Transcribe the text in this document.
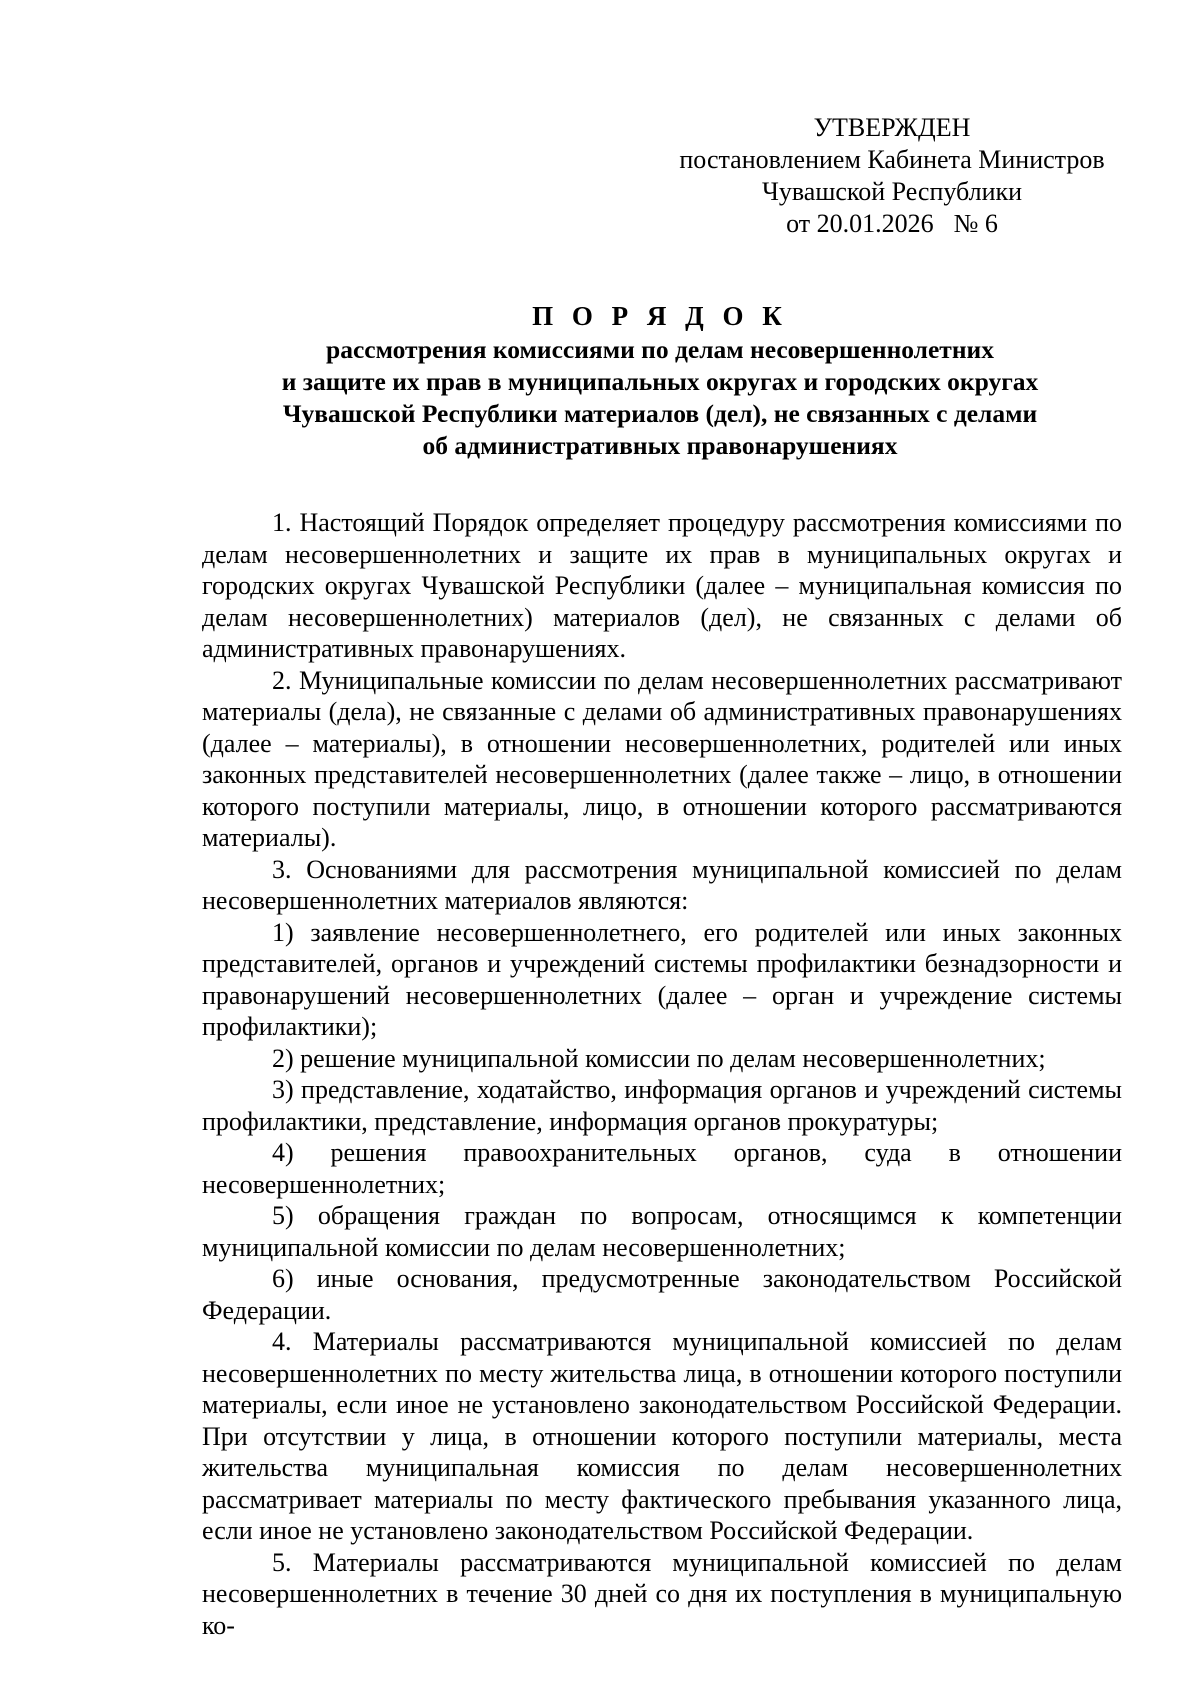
УТВЕРЖДЕН
постановлением Кабинета Министров
Чувашской Республики
от 20.01.2026 № 6
П О Р Я Д О К
рассмотрения комиссиями по делам несовершеннолетних
и защите их прав в муниципальных округах и городских округах
Чувашской Республики материалов (дел), не связанных с делами
об административных правонарушениях

1. Настоящий Порядок определяет процедуру рассмотрения комиссиями по делам несовершеннолетних и защите их прав в муниципальных округах и городских округах Чувашской Республики (далее – муниципальная комиссия по делам несовершеннолетних) материалов (дел), не связанных с делами об административных правонарушениях.

2. Муниципальные комиссии по делам несовершеннолетних рассматривают материалы (дела), не связанные с делами об административных правонарушениях (далее – материалы), в отношении несовершеннолетних, родителей или иных законных представителей несовершеннолетних (далее также – лицо, в отношении которого поступили материалы, лицо, в отношении которого рассматриваются материалы).

3. Основаниями для рассмотрения муниципальной комиссией по делам несовершеннолетних материалов являются:

1) заявление несовершеннолетнего, его родителей или иных законных представителей, органов и учреждений системы профилактики безнадзорности и правонарушений несовершеннолетних (далее – орган и учреждение системы профилактики);

2) решение муниципальной комиссии по делам несовершеннолетних;

3) представление, ходатайство, информация органов и учреждений системы профилактики, представление, информация органов прокуратуры;

4) решения правоохранительных органов, суда в отношении несовершеннолетних;

5) обращения граждан по вопросам, относящимся к компетенции муниципальной комиссии по делам несовершеннолетних;

6) иные основания, предусмотренные законодательством Российской Федерации.

4. Материалы рассматриваются муниципальной комиссией по делам несовершеннолетних по месту жительства лица, в отношении которого поступили материалы, если иное не установлено законодательством Российской Федерации. При отсутствии у лица, в отношении которого поступили материалы, места жительства муниципальная комиссия по делам несовершеннолетних рассматривает материалы по месту фактического пребывания указанного лица, если иное не установлено законодательством Российской Федерации.

5. Материалы рассматриваются муниципальной комиссией по делам несовершеннолетних в течение 30 дней со дня их поступления в муниципальную ко-
